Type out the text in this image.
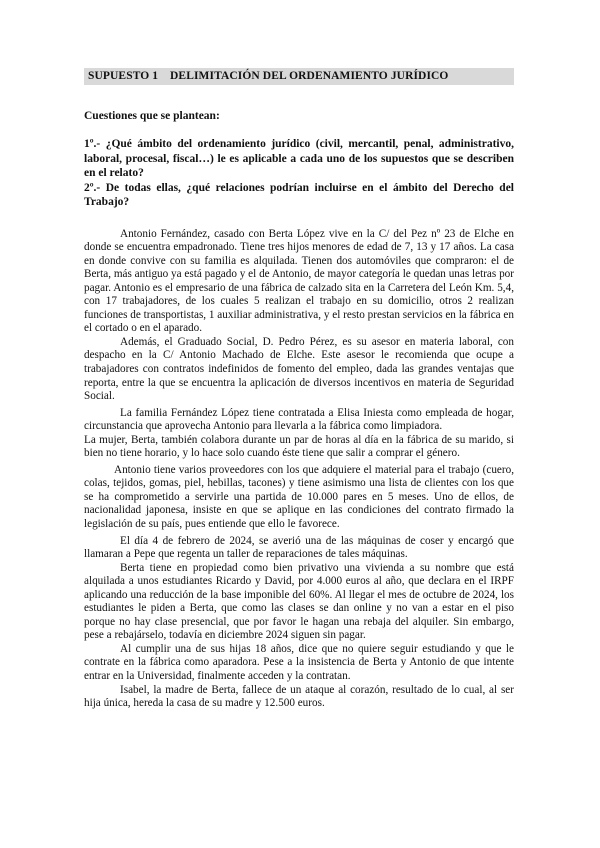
SUPUESTO 1    DELIMITACIÓN DEL ORDENAMIENTO JURÍDICO
Cuestiones que se plantean:

1º.- ¿Qué ámbito del ordenamiento jurídico (civil, mercantil, penal, administrativo, laboral, procesal, fiscal…) le es aplicable a cada uno de los supuestos que se describen en el relato?

2º.- De todas ellas, ¿qué relaciones podrían incluirse en el ámbito del Derecho del Trabajo?

Antonio Fernández, casado con Berta López vive en la C/ del Pez nº 23 de Elche en donde se encuentra empadronado. Tiene tres hijos menores de edad de 7, 13 y 17 años. La casa en donde convive con su familia es alquilada. Tienen dos automóviles que compraron: el de Berta, más antiguo ya está pagado y el de Antonio, de mayor categoría le quedan unas letras por pagar. Antonio es el empresario de una fábrica de calzado sita en la Carretera del León Km. 5,4, con 17 trabajadores, de los cuales 5 realizan el trabajo en su domicilio, otros 2 realizan funciones de transportistas, 1 auxiliar administrativa, y el resto prestan servicios en la fábrica en el cortado o en el aparado.

Además, el Graduado Social, D. Pedro Pérez, es su asesor en materia laboral, con despacho en la C/ Antonio Machado de Elche. Este asesor le recomienda que ocupe a trabajadores con contratos indefinidos de fomento del empleo, dada las grandes ventajas que reporta, entre la que se encuentra la aplicación de diversos incentivos en materia de Seguridad Social.

La familia Fernández López tiene contratada a Elisa Iniesta como empleada de hogar, circunstancia que aprovecha Antonio para llevarla a la fábrica como limpiadora.

La mujer, Berta, también colabora durante un par de horas al día en la fábrica de su marido, si bien no tiene horario, y lo hace solo cuando éste tiene que salir a comprar el género.

Antonio tiene varios proveedores con los que adquiere el material para el trabajo (cuero, colas, tejidos, gomas, piel, hebillas, tacones) y tiene asimismo una lista de clientes con los que se ha comprometido a servirle una partida de 10.000 pares en 5 meses. Uno de ellos, de nacionalidad japonesa, insiste en que se aplique en las condiciones del contrato firmado la legislación de su país, pues entiende que ello le favorece.

El día 4 de febrero de 2024, se averió una de las máquinas de coser y encargó que llamaran a Pepe que regenta un taller de reparaciones de tales máquinas.

Berta tiene en propiedad como bien privativo una vivienda a su nombre que está alquilada a unos estudiantes Ricardo y David, por 4.000 euros al año, que declara en el IRPF aplicando una reducción de la base imponible del 60%. Al llegar el mes de octubre de 2024, los estudiantes le piden a Berta, que como las clases se dan online y no van a estar en el piso porque no hay clase presencial, que por favor le hagan una rebaja del alquiler. Sin embargo, pese a rebajárselo, todavía en diciembre 2024 siguen sin pagar.

Al cumplir una de sus hijas 18 años, dice que no quiere seguir estudiando y que le contrate en la fábrica como aparadora. Pese a la insistencia de Berta y Antonio de que intente entrar en la Universidad, finalmente acceden y la contratan.

Isabel, la madre de Berta, fallece de un ataque al corazón, resultado de lo cual, al ser hija única, hereda la casa de su madre y 12.500 euros.
